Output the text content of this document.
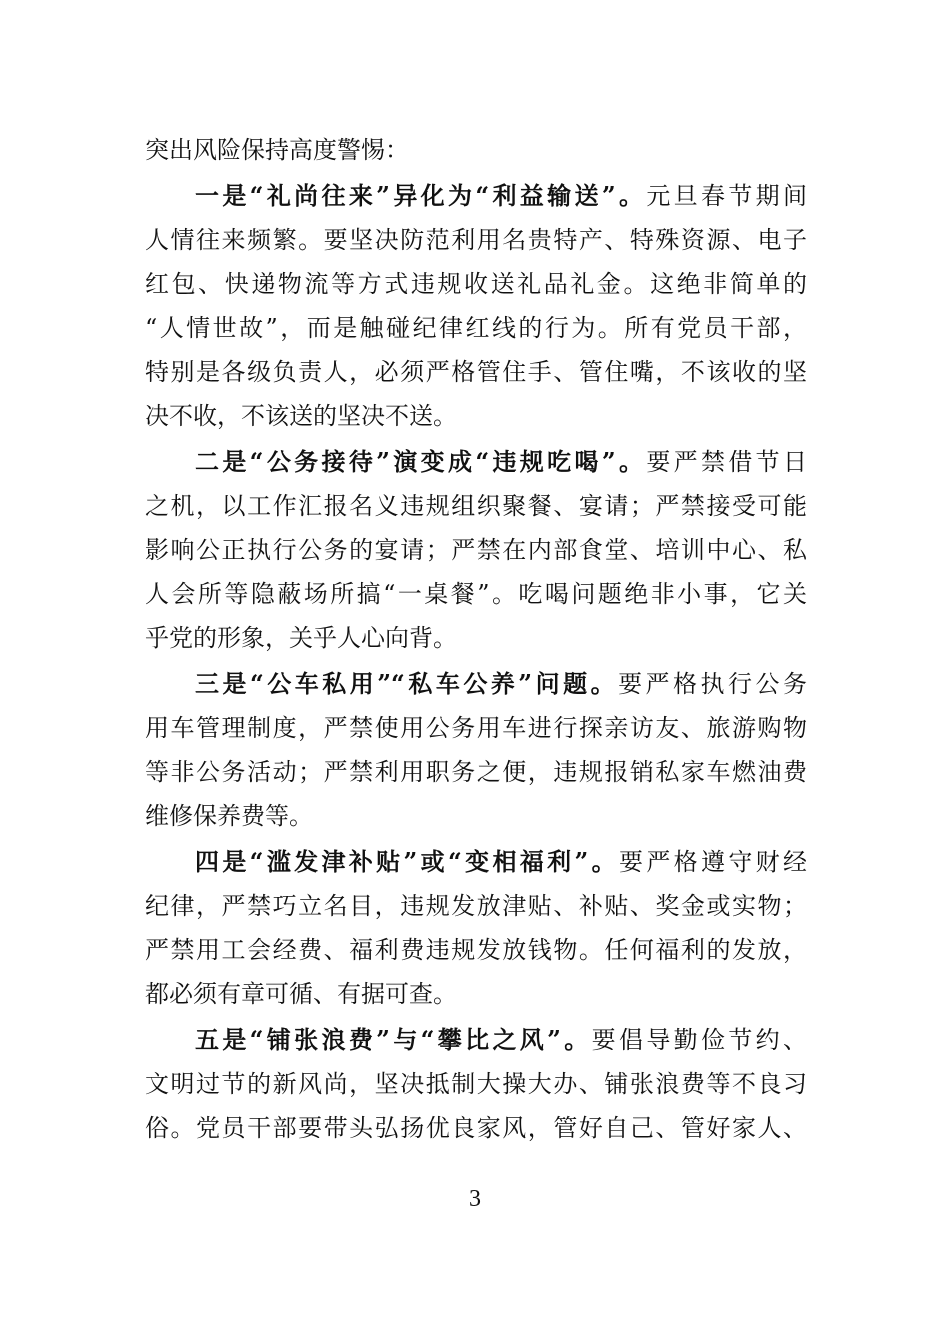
突出风险保持高度警惕：
一是“礼尚往来”异化为“利益输送”。元旦春节期间
人情往来频繁。要坚决防范利用名贵特产、特殊资源、电子
红包、快递物流等方式违规收送礼品礼金。这绝非简单的
“人情世故”，而是触碰纪律红线的行为。所有党员干部，
特别是各级负责人，必须严格管住手、管住嘴，不该收的坚
决不收，不该送的坚决不送。
二是“公务接待”演变成“违规吃喝”。要严禁借节日
之机，以工作汇报名义违规组织聚餐、宴请；严禁接受可能
影响公正执行公务的宴请；严禁在内部食堂、培训中心、私
人会所等隐蔽场所搞“一桌餐”。吃喝问题绝非小事，它关
乎党的形象，关乎人心向背。
三是“公车私用”“私车公养”问题。要严格执行公务
用车管理制度，严禁使用公务用车进行探亲访友、旅游购物
等非公务活动；严禁利用职务之便，违规报销私家车燃油费
维修保养费等。
四是“滥发津补贴”或“变相福利”。要严格遵守财经
纪律，严禁巧立名目，违规发放津贴、补贴、奖金或实物；
严禁用工会经费、福利费违规发放钱物。任何福利的发放，
都必须有章可循、有据可查。
五是“铺张浪费”与“攀比之风”。要倡导勤俭节约、
文明过节的新风尚，坚决抵制大操大办、铺张浪费等不良习
俗。党员干部要带头弘扬优良家风，管好自己、管好家人、
3
